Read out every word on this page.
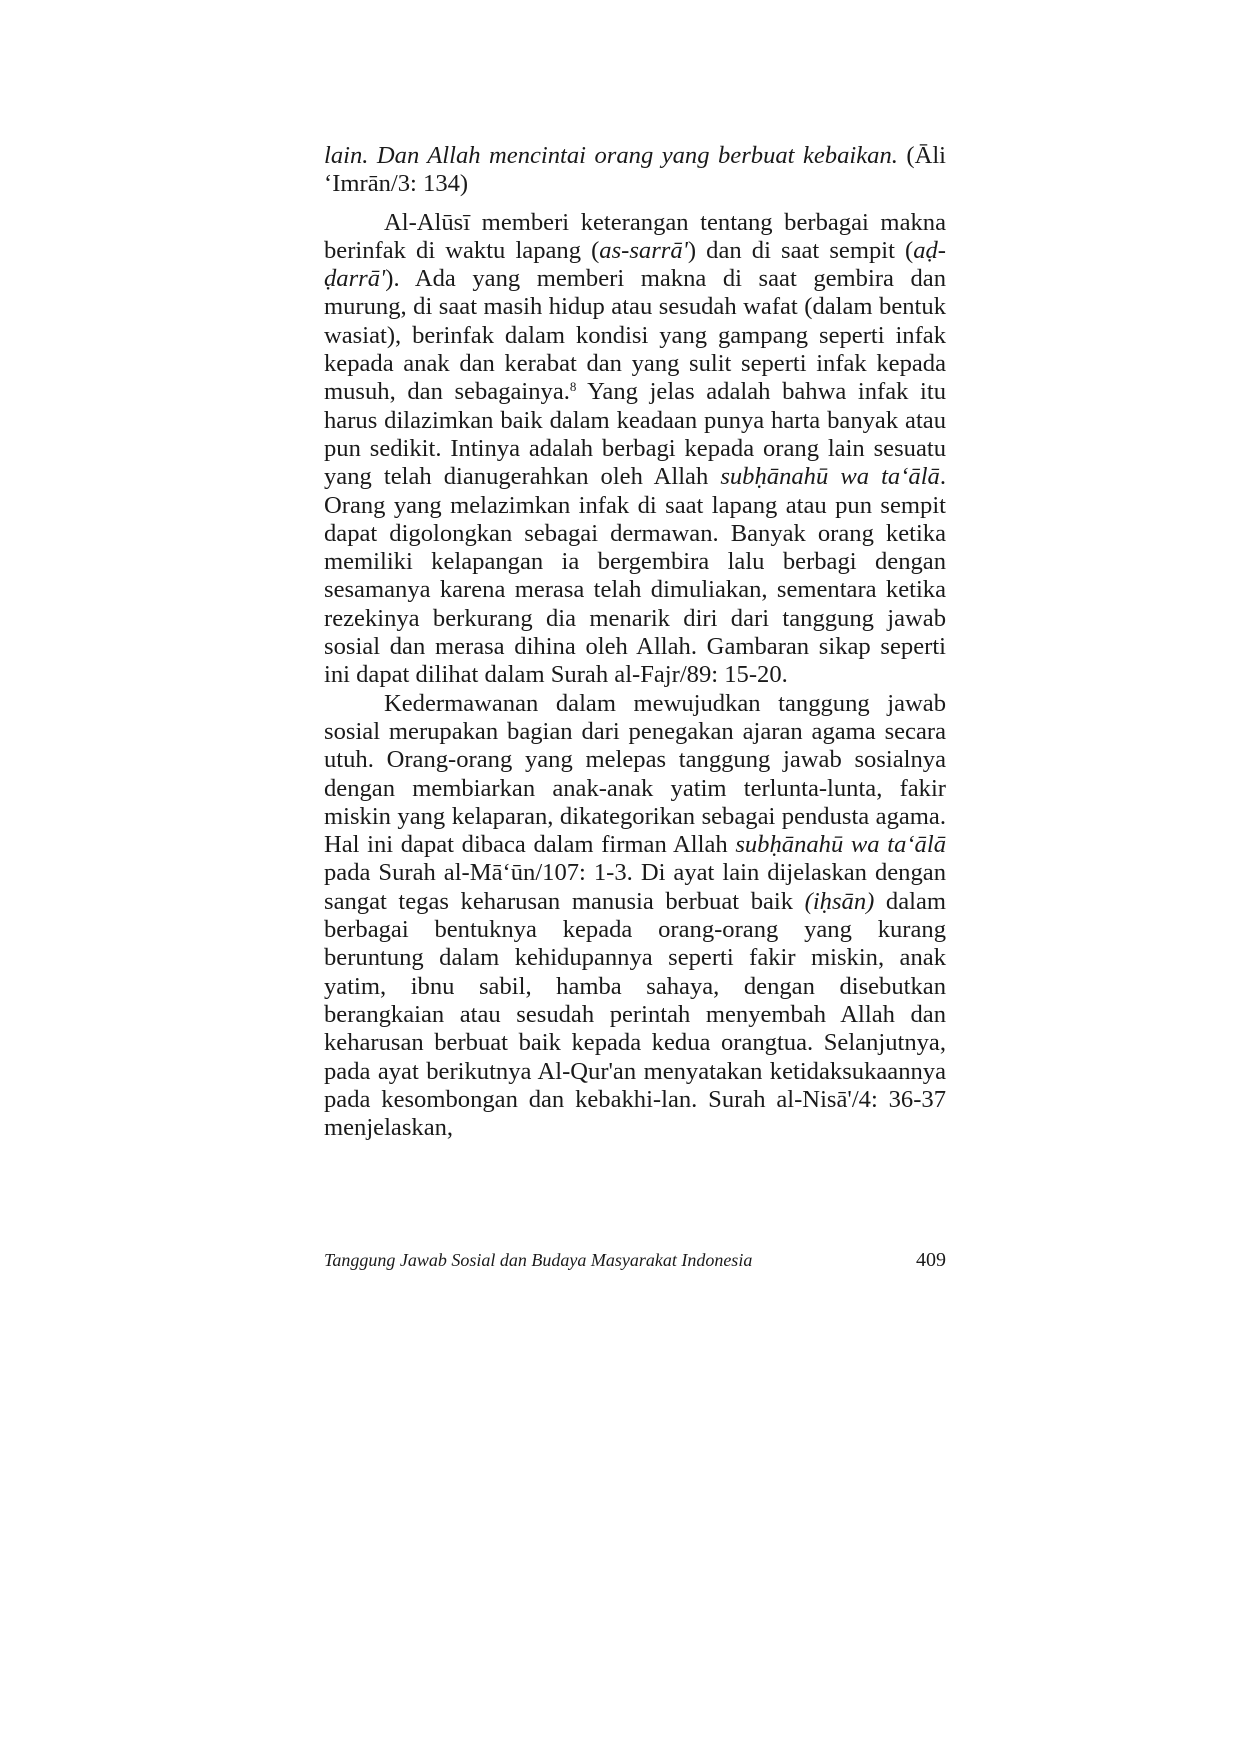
lain. Dan Allah mencintai orang yang berbuat kebaikan. (Āli ‘Imrān/3: 134)

Al-Alūsī memberi keterangan tentang berbagai makna berinfak di waktu lapang (as-sarrā') dan di saat sempit (aḍ-ḍarrā'). Ada yang memberi makna di saat gembira dan murung, di saat masih hidup atau sesudah wafat (dalam bentuk wasiat), berinfak dalam kondisi yang gampang seperti infak kepada anak dan kerabat dan yang sulit seperti infak kepada musuh, dan sebagainya.$^8$ Yang jelas adalah bahwa infak itu harus dilazimkan baik dalam keadaan punya harta banyak atau pun sedikit. Intinya adalah berbagi kepada orang lain sesuatu yang telah dianugerahkan oleh Allah subḥānahū wa ta‘ālā. Orang yang melazimkan infak di saat lapang atau pun sempit dapat digolongkan sebagai dermawan. Banyak orang ketika memiliki kelapangan ia bergembira lalu berbagi dengan sesamanya karena merasa telah dimuliakan, sementara ketika rezekinya berkurang dia menarik diri dari tanggung jawab sosial dan merasa dihina oleh Allah. Gambaran sikap seperti ini dapat dilihat dalam Surah al-Fajr/89: 15-20.

Kedermawanan dalam mewujudkan tanggung jawab sosial merupakan bagian dari penegakan ajaran agama secara utuh. Orang-orang yang melepas tanggung jawab sosialnya dengan membiarkan anak-anak yatim terlunta-lunta, fakir miskin yang kelaparan, dikategorikan sebagai pendusta agama. Hal ini dapat dibaca dalam firman Allah subḥānahū wa ta‘ālā pada Surah al-Mā‘ūn/107: 1-3. Di ayat lain dijelaskan dengan sangat tegas keharusan manusia berbuat baik (iḥsān) dalam berbagai bentuknya kepada orang-orang yang kurang beruntung dalam kehidupannya seperti fakir miskin, anak yatim, ibnu sabil, hamba sahaya, dengan disebutkan berangkaian atau sesudah perintah menyembah Allah dan keharusan berbuat baik kepada kedua orangtua. Selanjutnya, pada ayat berikutnya Al-Qur'an menyatakan ketidaksukaannya pada kesombongan dan kebakhi-lan. Surah al-Nisā'/4: 36-37 menjelaskan,

Tanggung Jawab Sosial dan Budaya Masyarakat Indonesia	409
